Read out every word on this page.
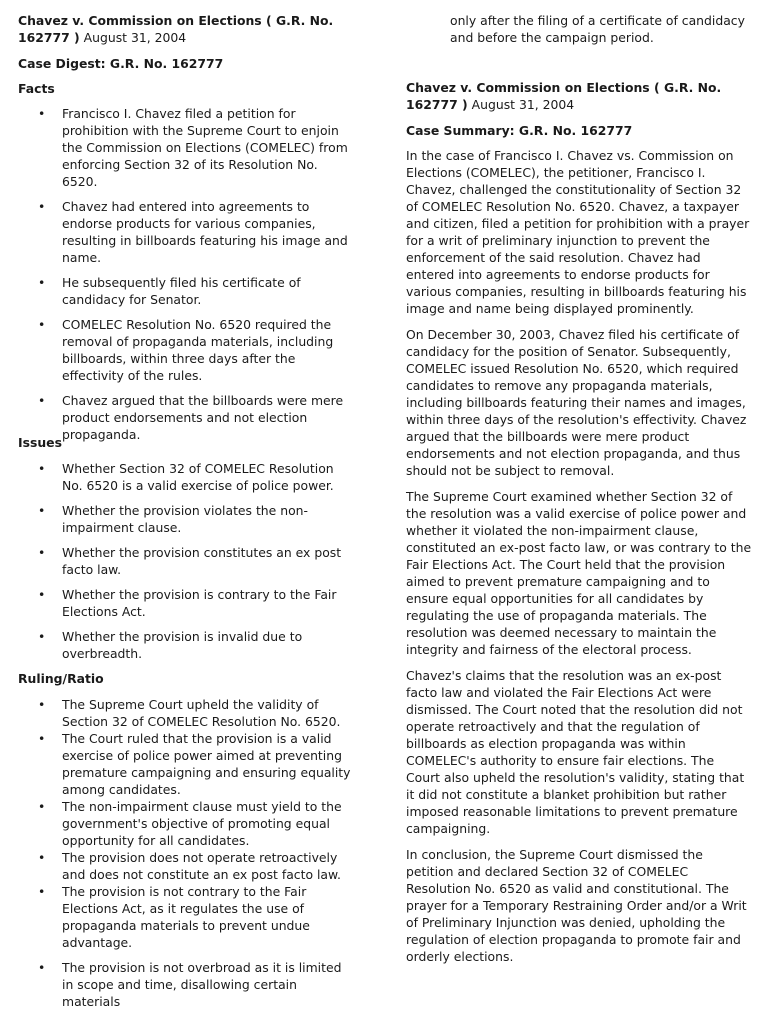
Chavez v. Commission on Elections ( G.R. No. 162777 ) August 31, 2004

Case Digest: G.R. No. 162777

Facts

• Francisco I. Chavez filed a petition for prohibition with the Supreme Court to enjoin the Commission on Elections (COMELEC) from enforcing Section 32 of its Resolution No. 6520.
• Chavez had entered into agreements to endorse products for various companies, resulting in billboards featuring his image and name.
• He subsequently filed his certificate of candidacy for Senator.
• COMELEC Resolution No. 6520 required the removal of propaganda materials, including billboards, within three days after the effectivity of the rules.
• Chavez argued that the billboards were mere product endorsements and not election propaganda.

Issues

• Whether Section 32 of COMELEC Resolution No. 6520 is a valid exercise of police power.
• Whether the provision violates the non-impairment clause.
• Whether the provision constitutes an ex post facto law.
• Whether the provision is contrary to the Fair Elections Act.
• Whether the provision is invalid due to overbreadth.

Ruling/Ratio

• The Supreme Court upheld the validity of Section 32 of COMELEC Resolution No. 6520.
• The Court ruled that the provision is a valid exercise of police power aimed at preventing premature campaigning and ensuring equality among candidates.
• The non-impairment clause must yield to the government's objective of promoting equal opportunity for all candidates.
• The provision does not operate retroactively and does not constitute an ex post facto law.
• The provision is not contrary to the Fair Elections Act, as it regulates the use of propaganda materials to prevent undue advantage.
• The provision is not overbroad as it is limited in scope and time, disallowing certain materials

only after the filing of a certificate of candidacy and before the campaign period.

Chavez v. Commission on Elections ( G.R. No. 162777 ) August 31, 2004

Case Summary: G.R. No. 162777

In the case of Francisco I. Chavez vs. Commission on Elections (COMELEC), the petitioner, Francisco I. Chavez, challenged the constitutionality of Section 32 of COMELEC Resolution No. 6520. Chavez, a taxpayer and citizen, filed a petition for prohibition with a prayer for a writ of preliminary injunction to prevent the enforcement of the said resolution. Chavez had entered into agreements to endorse products for various companies, resulting in billboards featuring his image and name being displayed prominently.

On December 30, 2003, Chavez filed his certificate of candidacy for the position of Senator. Subsequently, COMELEC issued Resolution No. 6520, which required candidates to remove any propaganda materials, including billboards featuring their names and images, within three days of the resolution's effectivity. Chavez argued that the billboards were mere product endorsements and not election propaganda, and thus should not be subject to removal.

The Supreme Court examined whether Section 32 of the resolution was a valid exercise of police power and whether it violated the non-impairment clause, constituted an ex-post facto law, or was contrary to the Fair Elections Act. The Court held that the provision aimed to prevent premature campaigning and to ensure equal opportunities for all candidates by regulating the use of propaganda materials. The resolution was deemed necessary to maintain the integrity and fairness of the electoral process.

Chavez's claims that the resolution was an ex-post facto law and violated the Fair Elections Act were dismissed. The Court noted that the resolution did not operate retroactively and that the regulation of billboards as election propaganda was within COMELEC's authority to ensure fair elections. The Court also upheld the resolution's validity, stating that it did not constitute a blanket prohibition but rather imposed reasonable limitations to prevent premature campaigning.

In conclusion, the Supreme Court dismissed the petition and declared Section 32 of COMELEC Resolution No. 6520 as valid and constitutional. The prayer for a Temporary Restraining Order and/or a Writ of Preliminary Injunction was denied, upholding the regulation of election propaganda to promote fair and orderly elections.
